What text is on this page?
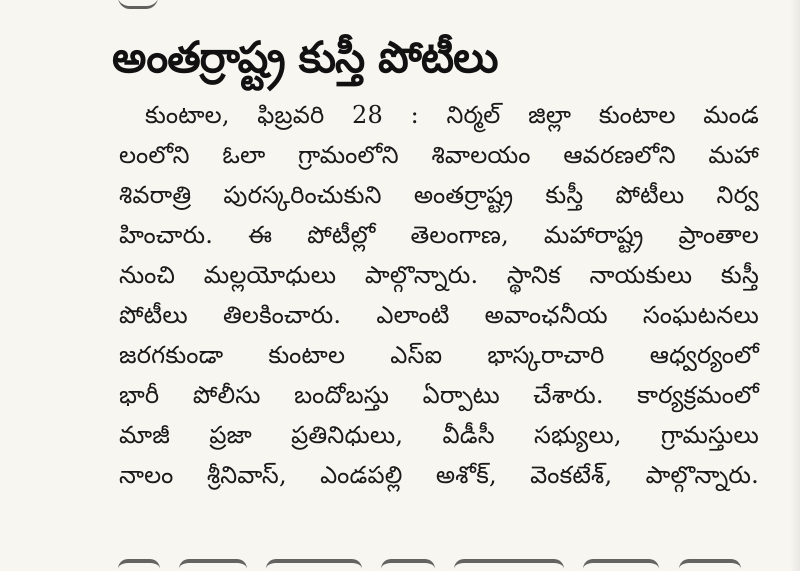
అంతర్రాష్ట్ర కుస్తీ పోటీలు
కుంటాల, ఫిబ్రవరి 28 : నిర్మల్ జిల్లా కుంటాల మండ
లంలోని ఓలా గ్రామంలోని శివాలయం ఆవరణలోని మహా
శివరాత్రి పురస్కరించుకుని అంతర్రాష్ట్ర కుస్తీ పోటీలు నిర్వ
హించారు. ఈ పోటీల్లో తెలంగాణ, మహారాష్ట్ర ప్రాంతాల
నుంచి మల్లయోధులు పాల్గొన్నారు. స్థానిక నాయకులు కుస్తీ
పోటీలు తిలకించారు. ఎలాంటి అవాంఛనీయ సంఘటనలు
జరగకుండా కుంటాల ఎస్ఐ భాస్కరాచారి ఆధ్వర్యంలో
భారీ పోలీసు బందోబస్తు ఏర్పాటు చేశారు. కార్యక్రమంలో
మాజీ ప్రజా ప్రతినిధులు, వీడీసీ సభ్యులు, గ్రామస్తులు
నాలం శ్రీనివాస్, ఎండపల్లి అశోక్, వెంకటేశ్, పాల్గొన్నారు.
